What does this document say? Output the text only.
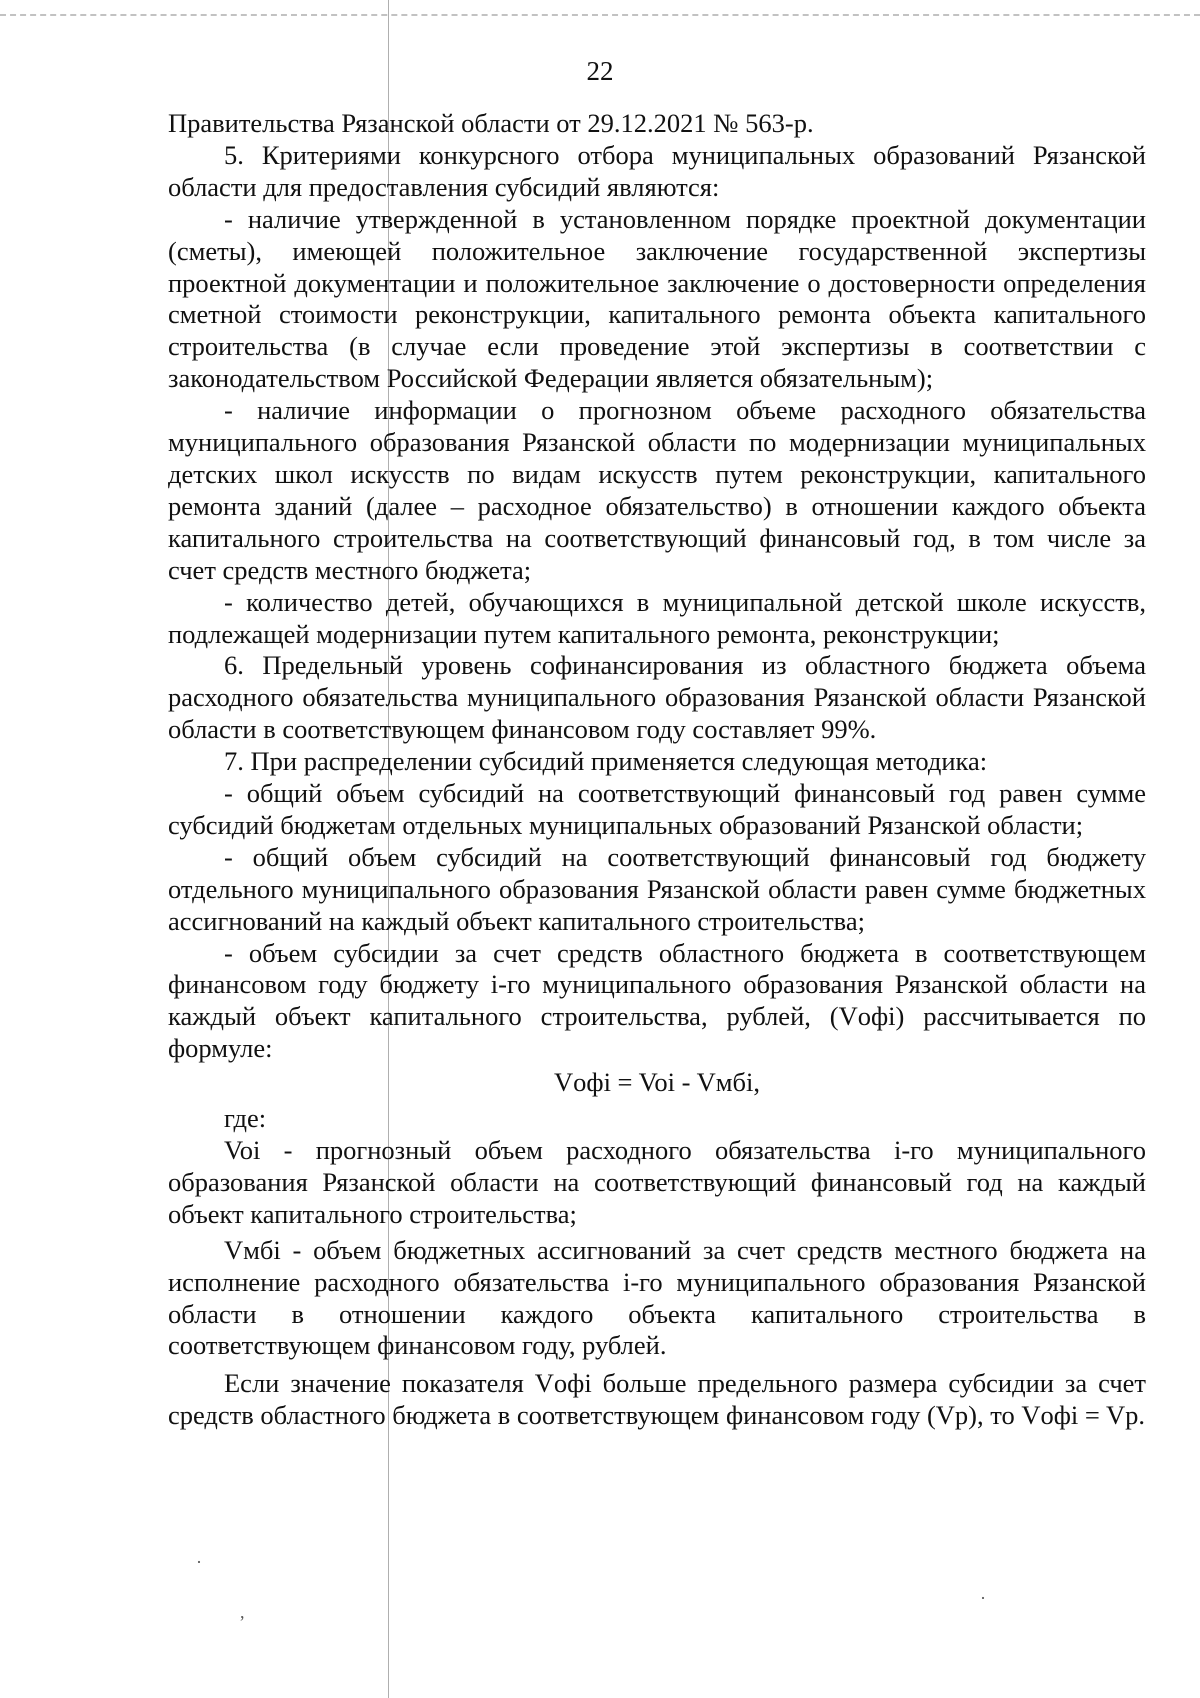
22

Правительства Рязанской области от 29.12.2021 № 563-р.

5. Критериями конкурсного отбора муниципальных образований Рязанской области для предоставления субсидий являются:

- наличие утвержденной в установленном порядке проектной документации (сметы), имеющей положительное заключение государственной экспертизы проектной документации и положительное заключение о достоверности определения сметной стоимости реконструкции, капитального ремонта объекта капитального строительства (в случае если проведение этой экспертизы в соответствии с законодательством Российской Федерации является обязательным);

- наличие информации о прогнозном объеме расходного обязательства муниципального образования Рязанской области по модернизации муниципальных детских школ искусств по видам искусств путем реконструкции, капитального ремонта зданий (далее – расходное обязательство) в отношении каждого объекта капитального строительства на соответствующий финансовый год, в том числе за счет средств местного бюджета;

- количество детей, обучающихся в муниципальной детской школе искусств, подлежащей модернизации путем капитального ремонта, реконструкции;

6. Предельный уровень софинансирования из областного бюджета объема расходного обязательства муниципального образования Рязанской области Рязанской области в соответствующем финансовом году составляет 99%.

7. При распределении субсидий применяется следующая методика:

- общий объем субсидий на соответствующий финансовый год равен сумме субсидий бюджетам отдельных муниципальных образований Рязанской области;

- общий объем субсидий на соответствующий финансовый год бюджету отдельного муниципального образования Рязанской области равен сумме бюджетных ассигнований на каждый объект капитального строительства;

- объем субсидии за счет средств областного бюджета в соответствующем финансовом году бюджету i-го муниципального образования Рязанской области на каждый объект капитального строительства, рублей, (Vофi) рассчитывается по формуле:

Vофi = Voi - Vмбi,

где:

Voi - прогнозный объем расходного обязательства i-го муниципального образования Рязанской области на соответствующий финансовый год на каждый объект капитального строительства;

Vмбi - объем бюджетных ассигнований за счет средств местного бюджета на исполнение расходного обязательства i-го муниципального образования Рязанской области в отношении каждого объекта капитального строительства в соответствующем финансовом году, рублей.

Если значение показателя Vофi больше предельного размера субсидии за счет средств областного бюджета в соответствующем финансовом году (Vp), то Vофi = Vp.

·
,
·
